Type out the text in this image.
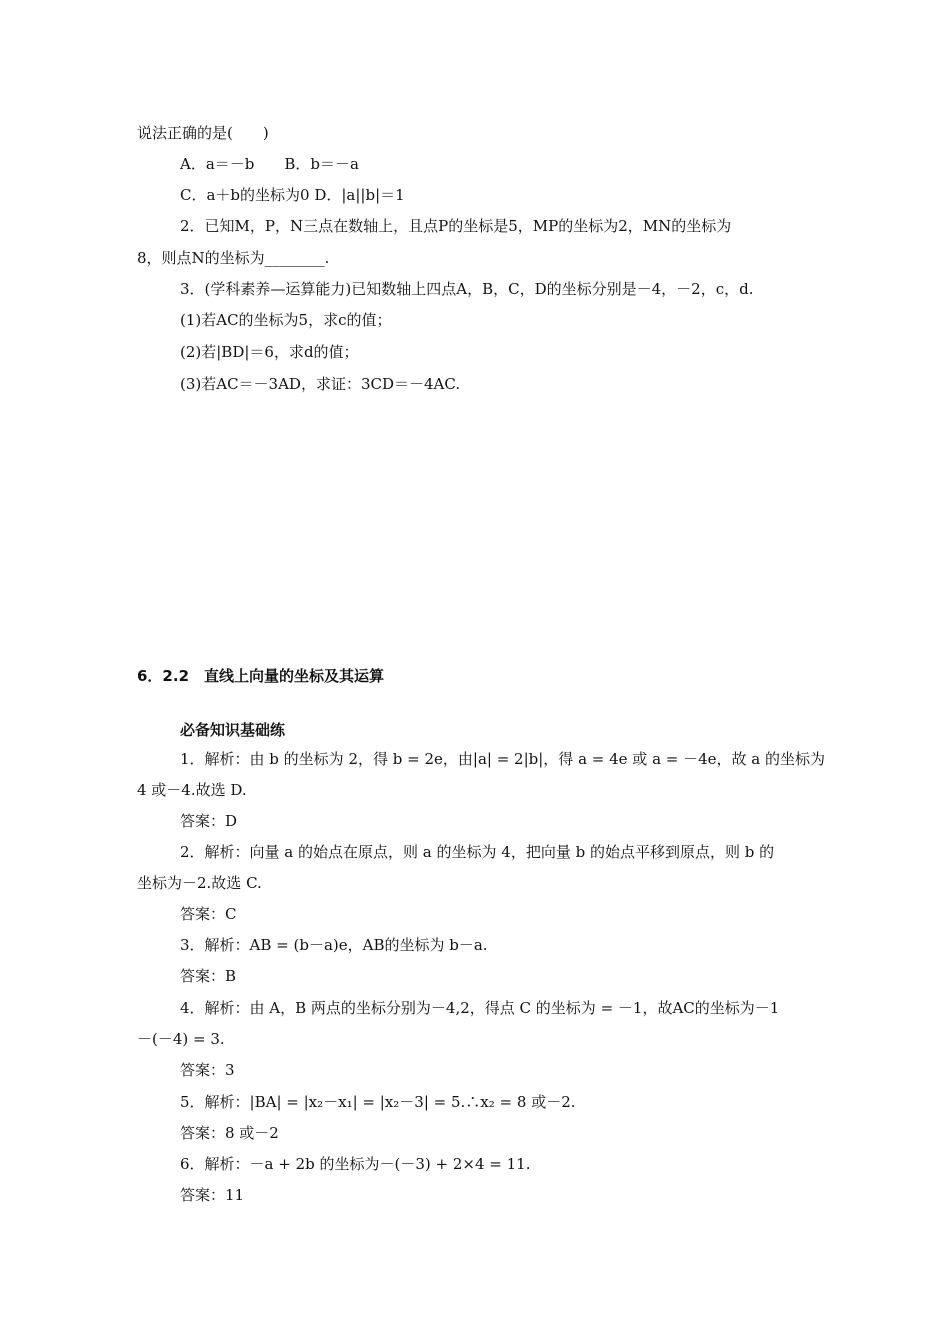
说法正确的是(　　)
A．a＝－b　　B．b＝－a
C．a＋b的坐标为0 D．|a||b|＝1
2．已知M，P，N三点在数轴上，且点P的坐标是5，MP的坐标为2，MN的坐标为
8，则点N的坐标为________.
3．(学科素养—运算能力)已知数轴上四点A，B，C，D的坐标分别是－4，－2，c，d.
(1)若AC的坐标为5，求c的值；
(2)若|BD|＝6，求d的值；
(3)若AC＝－3AD，求证：3CD＝－4AC.
6．2.2　直线上向量的坐标及其运算
必备知识基础练
1．解析：由 b 的坐标为 2，得 b = 2e，由|a| = 2|b|，得 a = 4e 或 a = －4e，故 a 的坐标为
4 或－4.故选 D.
答案：D
2．解析：向量 a 的始点在原点，则 a 的坐标为 4，把向量 b 的始点平移到原点，则 b 的
坐标为－2.故选 C.
答案：C
3．解析：AB = (b－a)e，AB的坐标为 b－a.
答案：B
4．解析：由 A，B 两点的坐标分别为－4,2，得点 C 的坐标为 = －1，故AC的坐标为－1
－(－4) = 3.
答案：3
5．解析：|BA| = |x₂－x₁| = |x₂－3| = 5.∴x₂ = 8 或－2.
答案：8 或－2
6．解析：－a + 2b 的坐标为－(－3) + 2×4 = 11.
答案：11
